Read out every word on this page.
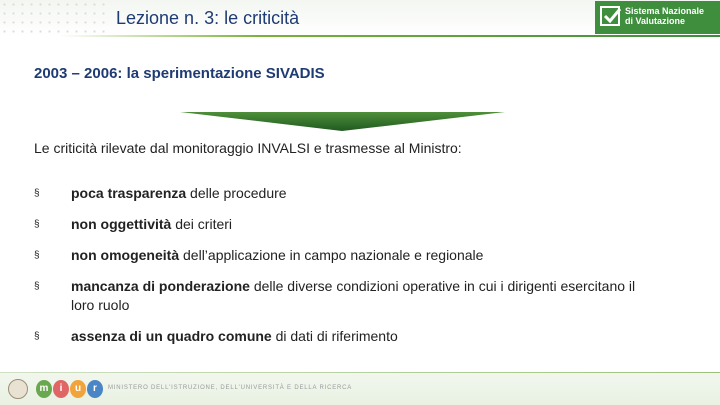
Lezione n. 3: le criticità	Sistema Nazionale
di Valutazione
2003 – 2006: la sperimentazione SIVADIS

Le criticità rilevate dal monitoraggio INVALSI e trasmesse al Ministro:

§ poca trasparenza delle procedure
§ non oggettività dei criteri
§ non omogeneità dell’applicazione in campo nazionale e regionale
§ mancanza di ponderazione delle diverse condizioni operative in cui i dirigenti esercitano il loro ruolo
§ assenza di un quadro comune di dati di riferimento
m	i	u	r	MINISTERO DELL'ISTRUZIONE, DELL'UNIVERSITÀ E DELLA RICERCA
